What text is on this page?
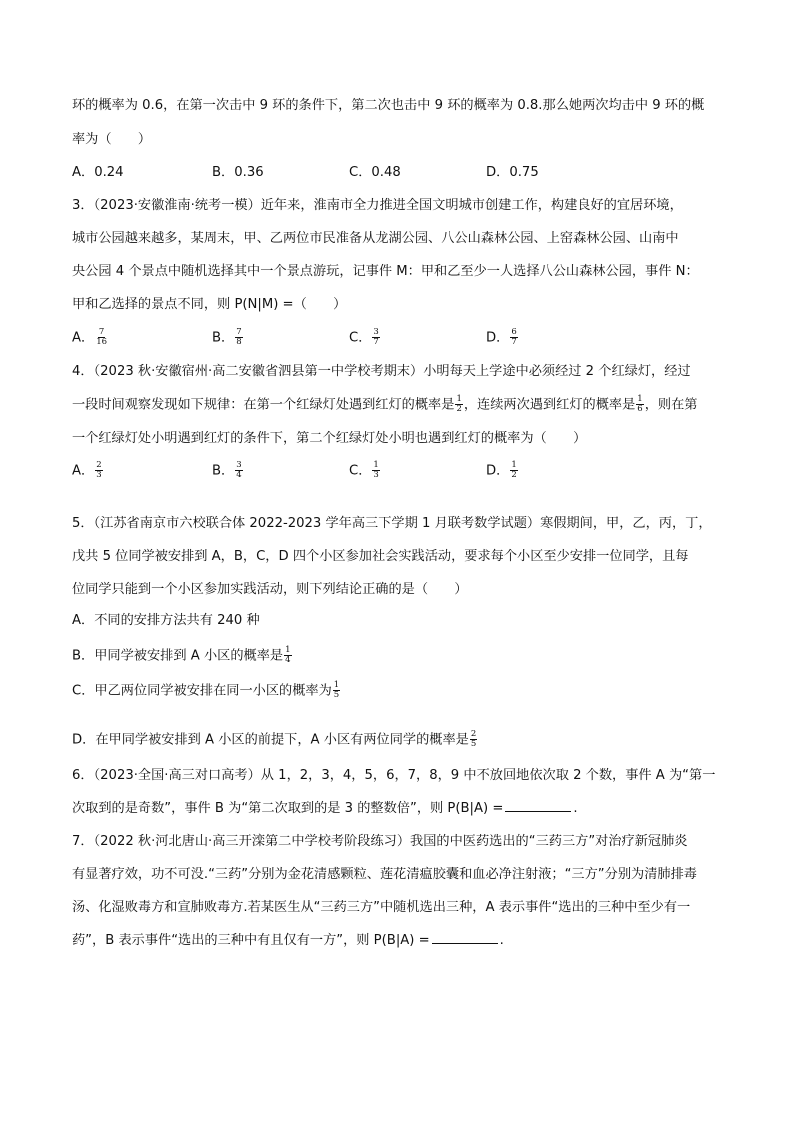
环的概率为 0.6，在第一次击中 9 环的条件下，第二次也击中 9 环的概率为 0.8.那么她两次均击中 9 环的概
率为（　　）
A．0.24	B．0.36	C．0.48	D．0.75
3．（2023·安徽淮南·统考一模）近年来，淮南市全力推进全国文明城市创建工作，构建良好的宜居环境，
城市公园越来越多，某周末，甲、乙两位市民准备从龙湖公园、八公山森林公园、上窑森林公园、山南中
央公园 4 个景点中随机选择其中一个景点游玩，记事件 M：甲和乙至少一人选择八公山森林公园，事件 N：
甲和乙选择的景点不同，则 P(N|M) =（　　）
A． $\frac{7}{16}$	B． $\frac{7}{8}$	C． $\frac{3}{7}$	D． $\frac{6}{7}$
4．（2023 秋·安徽宿州·高二安徽省泗县第一中学校考期末）小明每天上学途中必须经过 2 个红绿灯，经过
一段时间观察发现如下规律：在第一个红绿灯处遇到红灯的概率是 $\frac{1}{2}$ ，连续两次遇到红灯的概率是 $\frac{1}{6}$ ，则在第
一个红绿灯处小明遇到红灯的条件下，第二个红绿灯处小明也遇到红灯的概率为（　　）
A． $\frac{2}{3}$	B． $\frac{3}{4}$	C． $\frac{1}{3}$	D． $\frac{1}{2}$
5．（江苏省南京市六校联合体 2022-2023 学年高三下学期 1 月联考数学试题）寒假期间，甲，乙，丙，丁，
戊共 5 位同学被安排到 A，B，C，D 四个小区参加社会实践活动，要求每个小区至少安排一位同学，且每
位同学只能到一个小区参加实践活动，则下列结论正确的是（　　）
A．不同的安排方法共有 240 种
B．甲同学被安排到 A 小区的概率是 $\frac{1}{4}$
C．甲乙两位同学被安排在同一小区的概率为 $\frac{1}{5}$
D．在甲同学被安排到 A 小区的前提下，A 小区有两位同学的概率是 $\frac{2}{5}$
6．（2023·全国·高三对口高考）从 1，2，3，4，5，6，7，8，9 中不放回地依次取 2 个数，事件 A 为“第一
次取到的是奇数”，事件 B 为“第二次取到的是 3 的整数倍”，则 P(B|A) =	.
7．（2022 秋·河北唐山·高三开滦第二中学校考阶段练习）我国的中医药选出的“三药三方”对治疗新冠肺炎
有显著疗效，功不可没.“三药”分别为金花清感颗粒、莲花清瘟胶囊和血必净注射液；“三方”分别为清肺排毒
汤、化湿败毒方和宣肺败毒方.若某医生从“三药三方”中随机选出三种，A 表示事件“选出的三种中至少有一
药”，B 表示事件“选出的三种中有且仅有一方”，则 P(B|A) =	.
